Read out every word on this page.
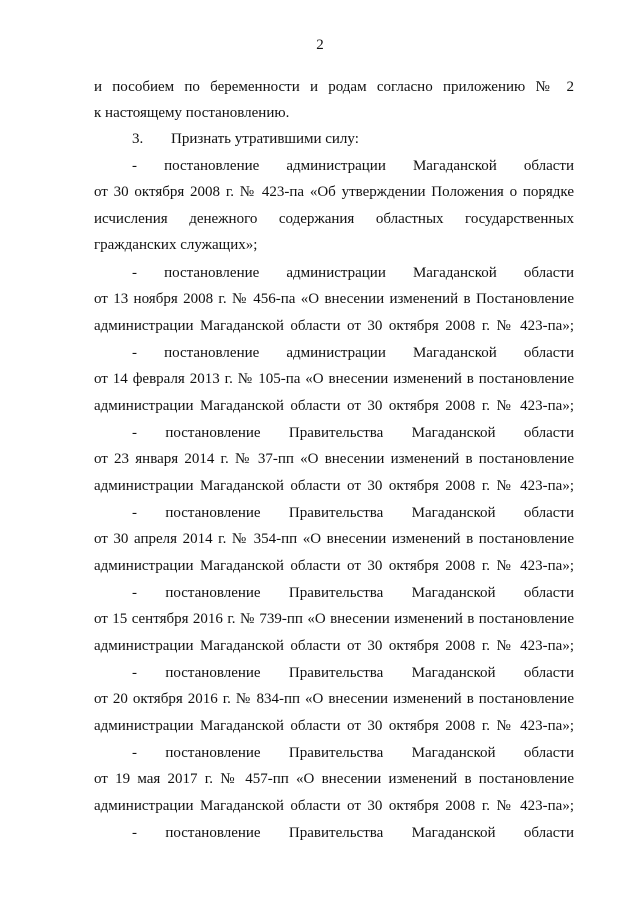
2
и пособием по беременности и родам согласно приложению № 2
к настоящему постановлению.
3. Признать утратившими силу:
- постановление администрации Магаданской области
от 30 октября 2008 г. № 423-па «Об утверждении Положения о порядке
исчисления денежного содержания областных государственных
гражданских служащих»;
- постановление администрации Магаданской области
от 13 ноября 2008 г. № 456-па «О внесении изменений в Постановление
администрации Магаданской области от 30 октября 2008 г. № 423-па»;
- постановление администрации Магаданской области
от 14 февраля 2013 г. № 105-па «О внесении изменений в постановление
администрации Магаданской области от 30 октября 2008 г. № 423-па»;
- постановление Правительства Магаданской области
от 23 января 2014 г. № 37-пп «О внесении изменений в постановление
администрации Магаданской области от 30 октября 2008 г. № 423-па»;
- постановление Правительства Магаданской области
от 30 апреля 2014 г. № 354-пп «О внесении изменений в постановление
администрации Магаданской области от 30 октября 2008 г. № 423-па»;
- постановление Правительства Магаданской области
от 15 сентября 2016 г. № 739-пп «О внесении изменений в постановление
администрации Магаданской области от 30 октября 2008 г. № 423-па»;
- постановление Правительства Магаданской области
от 20 октября 2016 г. № 834-пп «О внесении изменений в постановление
администрации Магаданской области от 30 октября 2008 г. № 423-па»;
- постановление Правительства Магаданской области
от 19 мая 2017 г. № 457-пп «О внесении изменений в постановление
администрации Магаданской области от 30 октября 2008 г. № 423-па»;
- постановление Правительства Магаданской области
